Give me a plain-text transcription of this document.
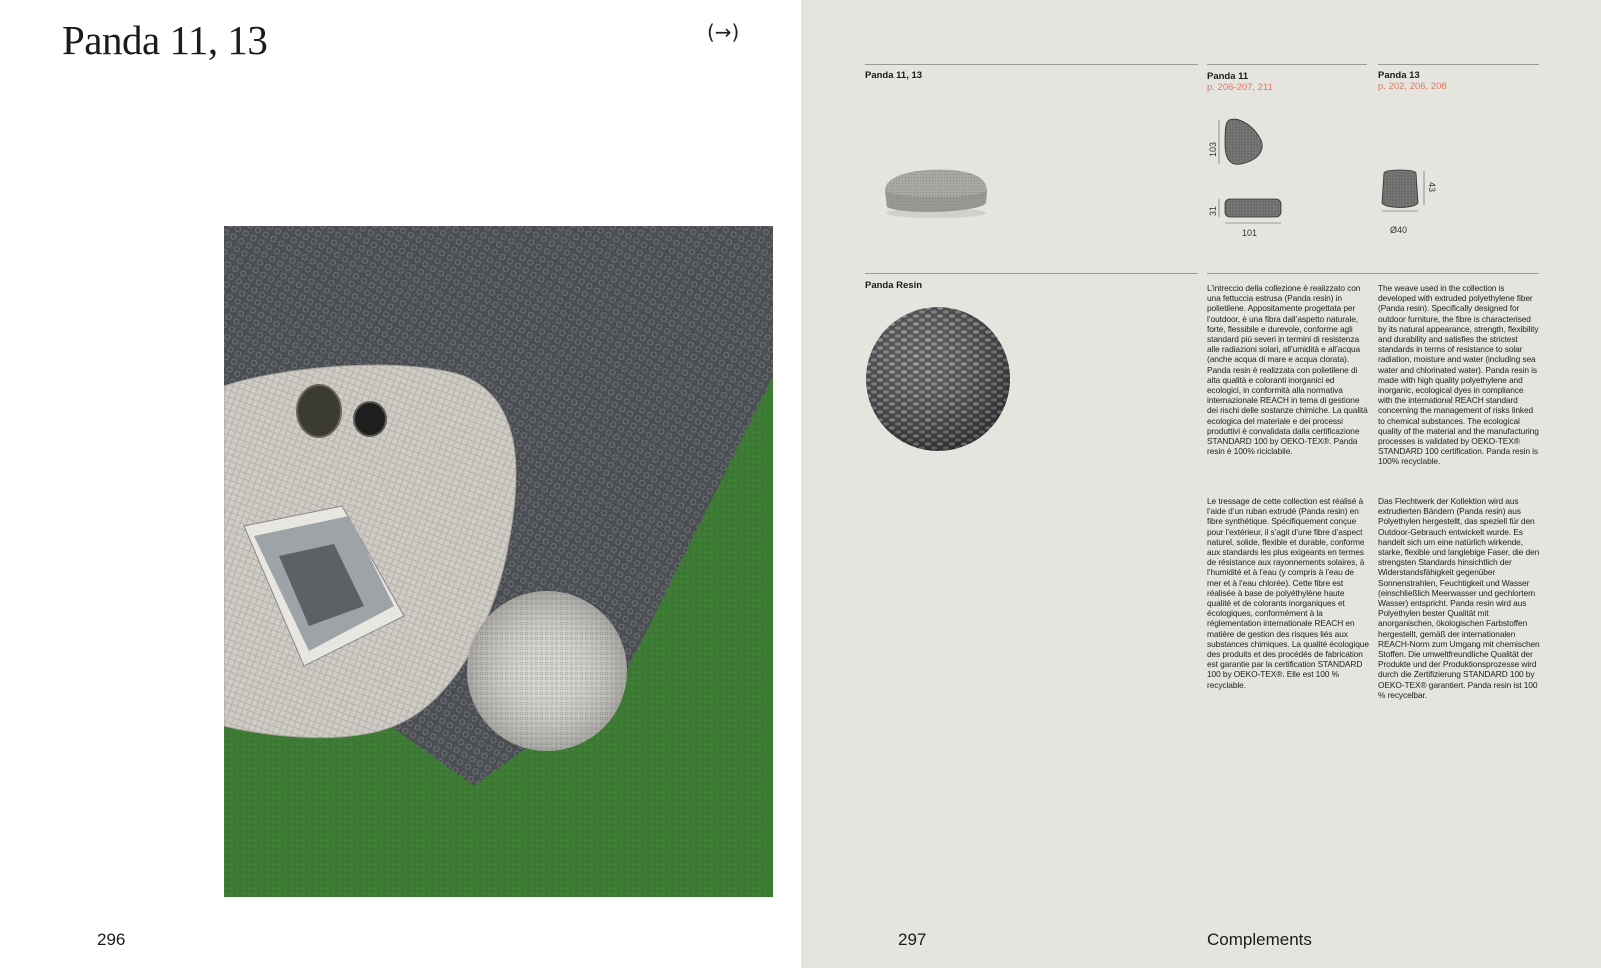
Panda 11, 13	(→)
296
Panda 11, 13	Panda 11
p. 206-207, 211
Panda 13
p. 202, 206, 208
103
31
101
43
Ø40
Panda Resin	L’intreccio della collezione è realizzato con una fettuccia estrusa (Panda resin) in polietilene. Appositamente progettata per l’outdoor, è una fibra dall’aspetto naturale, forte, flessibile e durevole, conforme agli standard più severi in termini di resistenza alle radiazioni solari, all’umidità e all’acqua (anche acqua di mare e acqua clorata). Panda resin è realizzata con polietilene di alta qualità e coloranti inorganici ed ecologici, in conformità alla normativa internazionale REACH in tema di gestione dei rischi delle sostanze chimiche. La qualità ecologica del materiale e dei processi produttivi è convalidata dalla certificazione STANDARD 100 by OEKO-TEX®. Panda resin è 100% riciclabile.

The weave used in the collection is developed with extruded polyethylene fiber (Panda resin). Specifically designed for outdoor furniture, the fibre is characterised by its natural appearance, strength, flexibility and durability and satisfies the strictest standards in terms of resistance to solar radiation, moisture and water (including sea water and chlorinated water). Panda resin is made with high quality polyethylene and inorganic, ecological dyes in compliance with the international REACH standard concerning the management of risks linked to chemical substances. The ecological quality of the material and the manufacturing processes is validated by OEKO-TEX® STANDARD 100 certification. Panda resin is 100% recyclable.

Le tressage de cette collection est réalisé à l’aide d’un ruban extrudé (Panda resin) en fibre synthétique. Spécifiquement conçue pour l’extérieur, il s’agit d’une fibre d’aspect naturel, solide, flexible et durable, conforme aux standards les plus exigeants en termes de résistance aux rayonnements solaires, à l’humidité et à l’eau (y compris à l’eau de mer et à l’eau chlorée). Cette fibre est réalisée à base de polyéthylène haute qualité et de colorants inorganiques et écologiques, conformément à la réglementation internationale REACH en matière de gestion des risques liés aux substances chimiques. La qualité écologique des produits et des procédés de fabrication est garantie par la certification STANDARD 100 by OEKO-TEX®. Elle est 100 % recyclable.

Das Flechtwerk der Kollektion wird aus extrudierten Bändern (Panda resin) aus Polyethylen hergestellt, das speziell für den Outdoor-Gebrauch entwickelt wurde. Es handelt sich um eine natürlich wirkende, starke, flexible und langlebige Faser, die den strengsten Standards hinsichtlich der Widerstandsfähigkeit gegenüber Sonnenstrahlen, Feuchtigkeit und Wasser (einschließlich Meerwasser und gechlortem Wasser) entspricht. Panda resin wird aus Polyethylen bester Qualität mit anorganischen, ökologischen Farbstoffen hergestellt, gemäß der internationalen REACH-Norm zum Umgang mit chemischen Stoffen. Die umweltfreundliche Qualität der Produkte und der Produktionsprozesse wird durch die Zertifizierung STANDARD 100 by OEKO-TEX® garantiert. Panda resin ist 100 % recycelbar.

297	Complements
